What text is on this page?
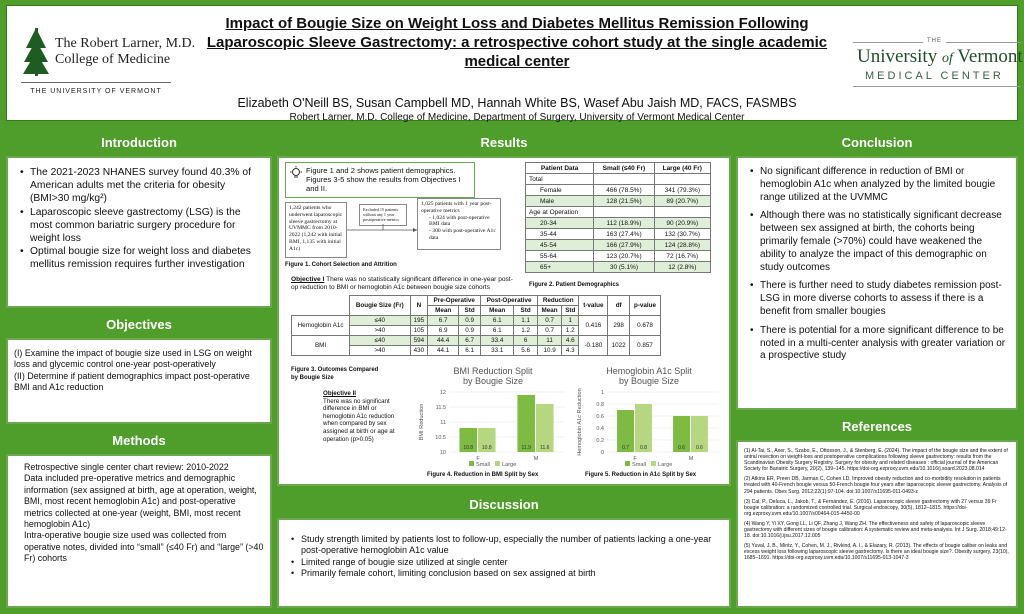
The Robert Larner, M.D.
College of Medicine
THE UNIVERSITY OF VERMONT
Impact of Bougie Size on Weight Loss and Diabetes Mellitus Remission Following Laparoscopic Sleeve Gastrectomy: a retrospective cohort study at the single academic medical center
Elizabeth O'Neill BS, Susan Campbell MD, Hannah White BS, Wasef Abu Jaish MD, FACS, FASMBS
Robert Larner, M.D. College of Medicine, Department of Surgery, University of Vermont Medical Center
THE
University of Vermont
MEDICAL CENTER
Introduction
• The 2021-2023 NHANES survey found 40.3% of American adults met the criteria for obesity (BMI>30 mg/kg²)
• Laparoscopic sleeve gastrectomy (LSG) is the most common bariatric surgery procedure for weight loss
• Optimal bougie size for weight loss and diabetes mellitus remission requires further investigation
Objectives
(I) Examine the impact of bougie size used in LSG on weight loss and glycemic control one-year post-operatively
(II) Determine if patient demographics impact post-operative BMI and A1c reduction
Methods
Retrospective single center chart review: 2010-2022
Data included pre-operative metrics and demographic information (sex assigned at birth, age at operation, weight, BMI, most recent hemoglobin A1c) and post-operative metrics collected at one-year (weight, BMI, most recent hemoglobin A1c)
Intra-operative bougie size used was collected from operative notes, divided into “small” (≤40 Fr) and “large” (>40 Fr) cohorts
Results
Figure 1 and 2 shows patient demographics. Figures 3-5 show the results from Objectives I and II.
1,242 patients who underwent laparoscopic sleeve gastrectomy at UVMMC from 2010-2022 (1,242 with initial BMI, 1,135 with initial A1c)
Excluded 15 patients without any 1 year postoperative metrics
1,025 patients with 1 year post-operative metrics
- 1,024 with post-operative BMI data
- 300 with post-operative A1c data
Figure 1. Cohort Selection and Attrition
Patient Data	Small (≤40 Fr)	Large (40 Fr)
Total		
Female	466 (78.5%)	341 (79.3%)
Male	128 (21.5%)	89 (20.7%)
Age at Operation		
20-34	112 (18.9%)	90 (20.9%)
35-44	163 (27.4%)	132 (30.7%)
45-54	166 (27.9%)	124 (28.8%)
55-64	123 (20.7%)	72 (16.7%)
65+	30 (5.1%)	12 (2.8%)
Figure 2. Patient Demographics
Objective I There was no statistically significant difference in one-year post-op reduction to BMI or hemoglobin A1c between bougie size cohorts
	Bougie Size (Fr)	N	Pre-Operative		Post-Operative		Reduction		t-value	df	p-value
			Mean	Std	Mean	Std	Mean	Std			
Hemoglobin A1c	≤40	195	6.7	0.9	6.1	1.1	0.7	1	0.416	298	0.678
	>40	105	6.9	0.9	6.1	1.2	0.7	1.2			
BMI	≤40	594	44.4	6.7	33.4	6	11	4.6	-0.180	1022	0.857
	>40	430	44.1	6.1	33.1	5.6	10.9	4.3			
Figure 3. Outcomes Compared by Bougie Size
Objective II
There was no significant difference in BMI or hemoglobin A1c reduction when compared by sex assigned at birth or age at operation (p>0.05)
BMI Reduction Split by Bougie Size
10
10.5
11
11.5
12
BMI Reduction
10.8 10.8
F
11.9 11.6
M
Small Large
Hemoglobin A1c Split by Bougie Size
0
0.2
0.4
0.6
0.8
1
Hemoglobin A1c Reduction	0.7 0.8
F
0.6 0.6
M
Small Large
Figure 4. Reduction in BMI Split by Sex	Figure 5. Reduction in A1c Split by Sex
Discussion
• Study strength limited by patients lost to follow-up, especially the number of patients lacking a one-year post-operative hemoglobin A1c value
• Limited range of bougie size utilized at single center
• Primarily female cohort, limiting conclusion based on sex assigned at birth
Conclusion
• No significant difference in reduction of BMI or hemoglobin A1c when analyzed by the limited bougie range utilized at the UVMMC
• Although there was no statistically significant decrease between sex assigned at birth, the cohorts being primarily female (>70%) could have weakened the ability to analyze the impact of this demographic on study outcomes
• There is further need to study diabetes remission post-LSG in more diverse cohorts to assess if there is a benefit from smaller bougies
• There is potential for a more significant difference to be noted in a multi-center analysis with greater variation or a prospective study
References

(1) Al-Tai, S., Axer, S., Szabo, E., Ottosson, J., & Stenberg, E. (2024). The impact of the bougie size and the extent of antral resection on weight-loss and postoperative complications following sleeve gastrectomy: results from the Scandinavian Obesity Surgery Registry. Surgery for obesity and related diseases : official journal of the American Society for Bariatric Surgery, 20(2), 139–145. https://doi-org.ezproxy.uvm.edu/10.1016/j.soard.2023.08.014

(2) Atkins ER, Preen DB, Jarman C, Cohen LD. Improved obesity reduction and co-morbidity resolution in patients treated with 40-French bougie versus 50-French bougie four years after laparoscopic sleeve gastrectomy. Analysis of 294 patients. Obes Surg. 2012;22(1):97-104. doi:10.1007/s11695-011-0493-z

(3) Cal, P., Deluca, L., Jakob, T., & Fernández, E. (2016). Laparoscopic sleeve gastrectomy with 27 versus 39 Fr bougie calibration: a randomized controlled trial. Surgical endoscopy, 30(5), 1812–1815. https://doi-org.ezproxy.uvm.edu/10.1007/s00464-015-4450-00

(4) Wang Y, Yi XY, Gong LL, Li QF, Zhang J, Wang ZH. The effectiveness and safety of laparoscopic sleeve gastrectomy with different sizes of bougie calibration: A systematic review and meta-analysis. Int J Surg. 2018;49:12-18. doi:10.1016/j.ijsu.2017.12.005

(5) Yuval, J. B., Mintz, Y., Cohen, M. J., Rivkind, A. I., & Elazary, R. (2013). The effects of bougie caliber on leaks and excess weight loss following laparoscopic sleeve gastrectomy. Is there an ideal bougie size?. Obesity surgery, 23(10), 1685–1691. https://doi-org.ezproxy.uvm.edu/10.1007/s11695-013-1047-3
